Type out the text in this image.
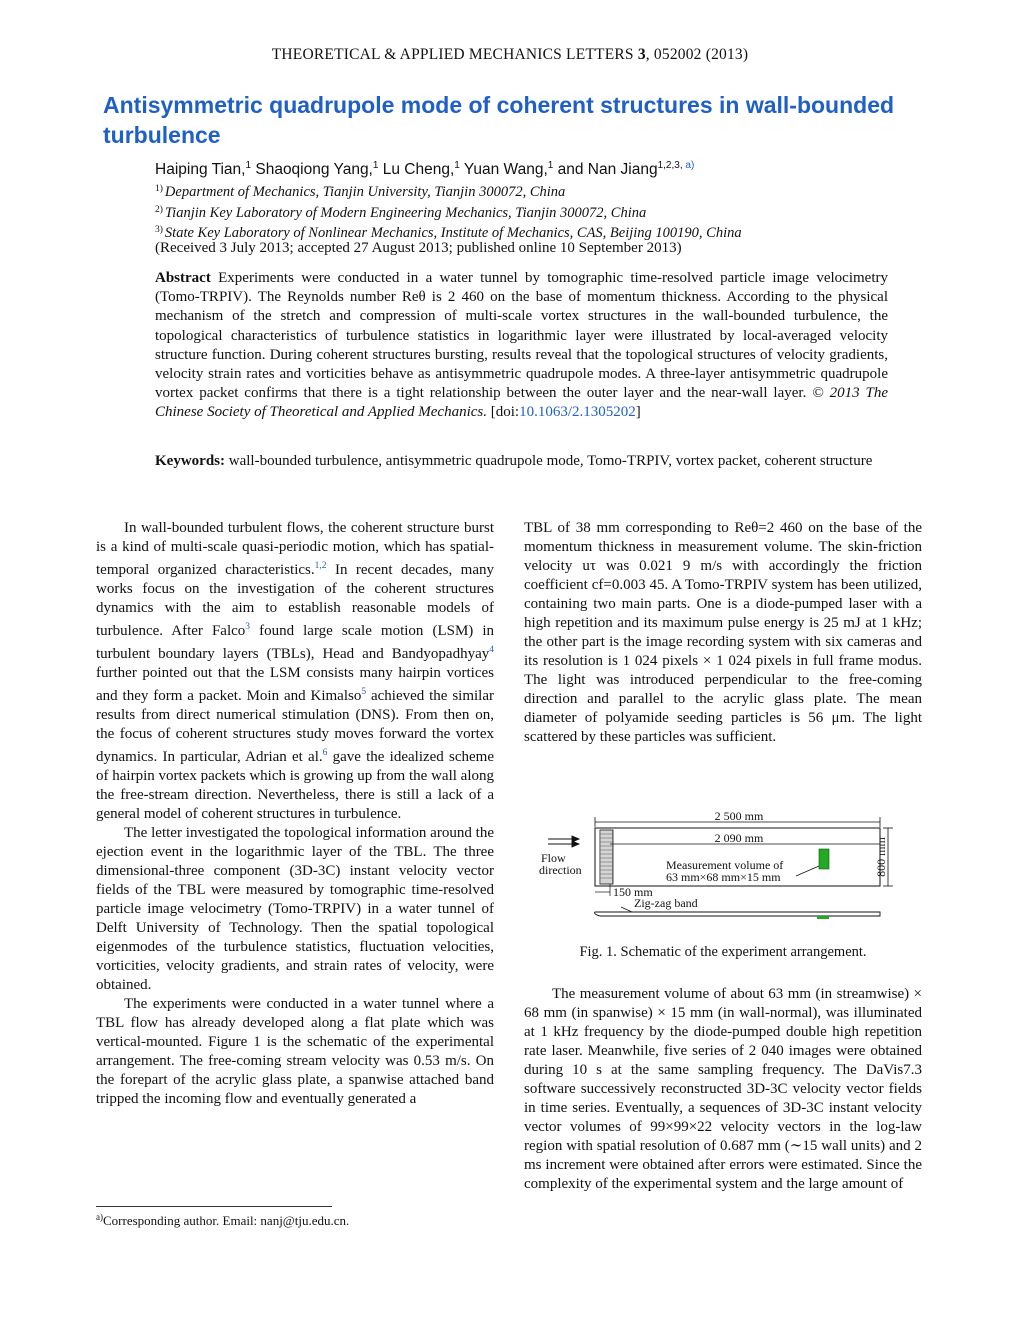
THEORETICAL & APPLIED MECHANICS LETTERS 3, 052002 (2013)
Antisymmetric quadrupole mode of coherent structures in wall-bounded turbulence

Haiping Tian,$^1$ Shaoqiong Yang,$^1$ Lu Cheng,$^1$ Yuan Wang,$^1$ and Nan Jiang$^{1,2,3, a)}$

$^{1)}$ Department of Mechanics, Tianjin University, Tianjin 300072, China
$^{2)}$ Tianjin Key Laboratory of Modern Engineering Mechanics, Tianjin 300072, China
$^{3)}$ State Key Laboratory of Nonlinear Mechanics, Institute of Mechanics, CAS, Beijing 100190, China
(Received 3 July 2013; accepted 27 August 2013; published online 10 September 2013)

Abstract Experiments were conducted in a water tunnel by tomographic time-resolved particle image velocimetry (Tomo-TRPIV). The Reynolds number Reθ is 2 460 on the base of momentum thickness. According to the physical mechanism of the stretch and compression of multi-scale vortex structures in the wall-bounded turbulence, the topological characteristics of turbulence statistics in logarithmic layer were illustrated by local-averaged velocity structure function. During coherent structures bursting, results reveal that the topological structures of velocity gradients, velocity strain rates and vorticities behave as antisymmetric quadrupole modes. A three-layer antisymmetric quadrupole vortex packet confirms that there is a tight relationship between the outer layer and the near-wall layer. © 2013 The Chinese Society of Theoretical and Applied Mechanics. [doi:10.1063/2.1305202]

Keywords: wall-bounded turbulence, antisymmetric quadrupole mode, Tomo-TRPIV, vortex packet, coherent structure

In wall-bounded turbulent flows, the coherent structure burst is a kind of multi-scale quasi-periodic motion, which has spatial-temporal organized characteristics.$^{1,2}$ In recent decades, many works focus on the investigation of the coherent structures dynamics with the aim to establish reasonable models of turbulence. After Falco$^3$ found large scale motion (LSM) in turbulent boundary layers (TBLs), Head and Bandyopadhyay$^4$ further pointed out that the LSM consists many hairpin vortices and they form a packet. Moin and Kimalso$^5$ achieved the similar results from direct numerical stimulation (DNS). From then on, the focus of coherent structures study moves forward the vortex dynamics. In particular, Adrian et al.$^6$ gave the idealized scheme of hairpin vortex packets which is growing up from the wall along the free-stream direction. Nevertheless, there is still a lack of a general model of coherent structures in turbulence.

The letter investigated the topological information around the ejection event in the logarithmic layer of the TBL. The three dimensional-three component (3D-3C) instant velocity vector fields of the TBL were measured by tomographic time-resolved particle image velocimetry (Tomo-TRPIV) in a water tunnel of Delft University of Technology. Then the spatial topological eigenmodes of the turbulence statistics, fluctuation velocities, vorticities, velocity gradients, and strain rates of velocity, were obtained.

The experiments were conducted in a water tunnel where a TBL flow has already developed along a flat plate which was vertical-mounted. Figure 1 is the schematic of the experimental arrangement. The free-coming stream velocity was 0.53 m/s. On the forepart of the acrylic glass plate, a spanwise attached band tripped the incoming flow and eventually generated a

TBL of 38 mm corresponding to Reθ=2 460 on the base of the momentum thickness in measurement volume. The skin-friction velocity uτ was 0.021 9 m/s with accordingly the friction coefficient cf=0.003 45. A Tomo-TRPIV system has been utilized, containing two main parts. One is a diode-pumped laser with a high repetition and its maximum pulse energy is 25 mJ at 1 kHz; the other part is the image recording system with six cameras and its resolution is 1 024 pixels × 1 024 pixels in full frame modus. The light was introduced perpendicular to the free-coming direction and parallel to the acrylic glass plate. The mean diameter of polyamide seeding particles is 56 μm. The light scattered by these particles was sufficient.

2 500 mm
2 090 mm
Flow
direction	Measurement volume of
63 mm×68 mm×15 mm
800 mm
150 mm
Zig-zag band

Fig. 1. Schematic of the experiment arrangement.

The measurement volume of about 63 mm (in streamwise) × 68 mm (in spanwise) × 15 mm (in wall-normal), was illuminated at 1 kHz frequency by the diode-pumped double high repetition rate laser. Meanwhile, five series of 2 040 images were obtained during 10 s at the same sampling frequency. The DaVis7.3 software successively reconstructed 3D-3C velocity vector fields in time series. Eventually, a sequences of 3D-3C instant velocity vector volumes of 99×99×22 velocity vectors in the log-law region with spatial resolution of 0.687 mm (∼15 wall units) and 2 ms increment were obtained after errors were estimated. Since the complexity of the experimental system and the large amount of

$^{a)}$Corresponding author. Email: nanj@tju.edu.cn.
